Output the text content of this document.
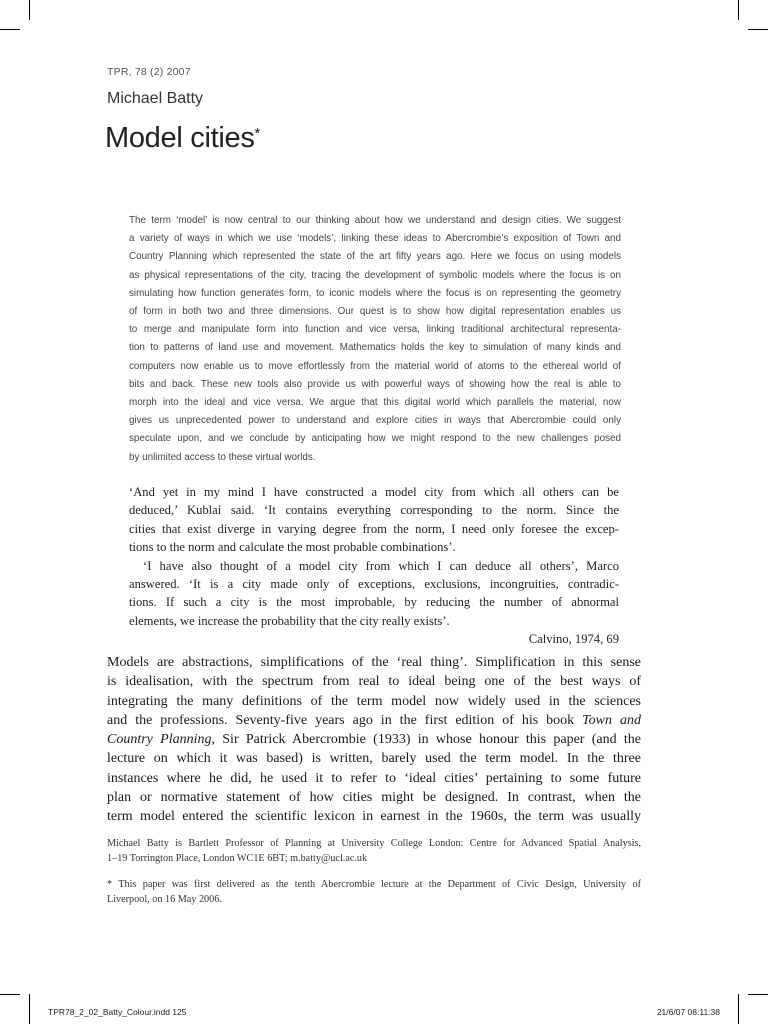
TPR, 78 (2) 2007
Michael Batty
Model cities*
The term ‘model’ is now central to our thinking about how we understand and design cities. We suggest
a variety of ways in which we use ‘models’, linking these ideas to Abercrombie’s exposition of Town and
Country Planning which represented the state of the art fifty years ago. Here we focus on using models
as physical representations of the city, tracing the development of symbolic models where the focus is on
simulating how function generates form, to iconic models where the focus is on representing the geometry
of form in both two and three dimensions. Our quest is to show how digital representation enables us
to merge and manipulate form into function and vice versa, linking traditional architectural representa-
tion to patterns of land use and movement. Mathematics holds the key to simulation of many kinds and
computers now enable us to move effortlessly from the material world of atoms to the ethereal world of
bits and back. These new tools also provide us with powerful ways of showing how the real is able to
morph into the ideal and vice versa. We argue that this digital world which parallels the material, now
gives us unprecedented power to understand and explore cities in ways that Abercrombie could only
speculate upon, and we conclude by anticipating how we might respond to the new challenges posed
by unlimited access to these virtual worlds.
‘And yet in my mind I have constructed a model city from which all others can be
deduced,’ Kublai said. ‘It contains everything corresponding to the norm. Since the
cities that exist diverge in varying degree from the norm, I need only foresee the excep-
tions to the norm and calculate the most probable combinations’.
‘I have also thought of a model city from which I can deduce all others’, Marco
answered. ‘It is a city made only of exceptions, exclusions, incongruities, contradic-
tions. If such a city is the most improbable, by reducing the number of abnormal
elements, we increase the probability that the city really exists’.
Calvino, 1974, 69
Models are abstractions, simplifications of the ‘real thing’. Simplification in this sense
is idealisation, with the spectrum from real to ideal being one of the best ways of
integrating the many definitions of the term model now widely used in the sciences
and the professions. Seventy-five years ago in the first edition of his book Town and
Country Planning, Sir Patrick Abercrombie (1933) in whose honour this paper (and the
lecture on which it was based) is written, barely used the term model. In the three
instances where he did, he used it to refer to ‘ideal cities’ pertaining to some future
plan or normative statement of how cities might be designed. In contrast, when the
term model entered the scientific lexicon in earnest in the 1960s, the term was usually
Michael Batty is Bartlett Professor of Planning at University College London: Centre for Advanced Spatial Analysis,
1–19 Torrington Place, London WC1E 6BT; m.batty@ucl.ac.uk
* This paper was first delivered as the tenth Abercrombie lecture at the Department of Civic Design, University of
Liverpool, on 16 May 2006.
TPR78_2_02_Batty_Colour.indd 125	21/6/07 08:11:38
